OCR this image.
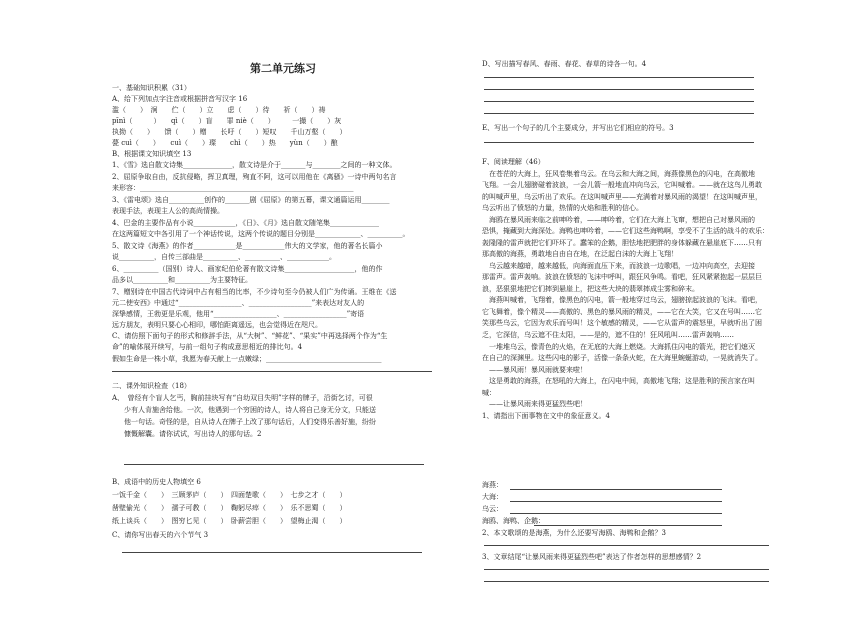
第二单元练习
一、基础知识积累（31）
A、给下列加点字注音或根据拼音写汉字 16
滥（　　）　涧　　伫（　　）立　　虑（　　）待　　祈（　　）祷
pīnì（　　　）　　qì（　　）盲　　罪 niè（　　）　　　一撮（　　）灰
执拗（　　）　　馈（　　）赠　　长吁（　　）短叹　　千山万壑（　　）
甍 cuì（　　）　　cuì（　　）璨　　chì（　　）热　　yùn（　　）酿
B、根据课文知识填空 13
1、《雪》选自散文诗集______________，散文诗是介于_______与________之间的一种文体。
2、屈原争取自由，反抗侵略，挥卫真理，殉直不阿，这可以用他在《离骚》一诗中两句名言
来形容：_____________________________________________________________
3、《雷电颂》选自__________创作的_______剧《屈原》的第五幕，课文通篇运用________
表现手法，表现主人公的高尚情操。
4、巴金的主要作品有小说____________，《日》、《月》选自散文随笔集______________
在这两篇短文中各引用了一个神话传说，这两个传说的题目分别是_____________、__________。
5、散文诗《海燕》的作者____________是____________伟大的文学家，他的著名长篇小
说__________，自传三部曲是__________、__________、____________。
6、__________（国别）诗人、画家纪伯伦著有散文诗集____________________，他的作
品多以__________和__________为主要特征。
7、赠别诗在中国古代诗词中占有相当的比率，不少诗句至今仍被人们广为传诵。王维在《送
元二使安西》中通过“__________________、__________________”来表达对友人的
深挚感情，王勃更是乐观，他用“__________________、__________________”寄语
远方朋友，表明只要心心相印，哪怕距离遥远，也会觉得近在咫尺。
C、请仿照下面句子的形式和修辞手法，从“大树”、“鲜花”、“果实”中再选择两个作为“生
命”的喻体展开续写，与前一组句子构成意思相近的排比句。4
假如生命是一株小草，我愿为春天献上一点嫩绿；_________________________________
二、课外知识检查（18）
A、　曾经有个盲人乞丐，胸前挂块写有“自幼双目失明”字样的牌子，沿街乞讨，可很
少有人肯施舍给他。一次，他遇到一个穷困的诗人，诗人将自己身无分文，只能送
他一句话。奇怪的是，自从诗人在牌子上改了那句话后，人们变得乐善好施，纷纷
慷慨解囊。请你试试，写出诗人的那句话。2
B、成语中的历史人物填空 6
一饭千金（　　）　三顾茅庐（　　）　四面楚歌（　　）　七步之才（　　）
凿壁偷光（　　）　孺子可教（　　）　鞠躬尽瘁（　　）　乐不思蜀（　　）
纸上谈兵（　　）　图穷匕见（　　）　卧薪尝胆（　　）　望梅止渴（　　）
C、请你写出春天的六个节气 3
D、写出描写春风、春雨、春花、春草的诗各一句。4
E、写出一个句子的几个主要成分，并写出它们相应的符号。3
F、阅读理解（46）
　在苍茫的大海上，狂风卷集着乌云。在乌云和大海之间，海燕像黑色的闪电，在高傲地
飞翔。一会儿翅膀碰着波浪，一会儿箭一般地直冲向乌云，它叫喊着。——就在这鸟儿勇敢
的叫喊声里，乌云听出了欢乐。在这叫喊声里——充满着对暴风雨的渴望！在这叫喊声里，
乌云听出了愤怒的力量，热情的火焰和胜利的信心。
　海鸥在暴风雨来临之前呻吟着，——呻吟着，它们在大海上飞窜，想把自己对暴风雨的
恐惧，掩藏到大海深处。海鸭也呻吟着，——它们这些海鸭啊，享受不了生活的战斗的欢乐：
轰隆隆的雷声就把它们吓坏了。蠢笨的企鹅，胆怯地把肥胖的身体躲藏在悬崖底下……只有
那高傲的海燕，勇敢地自由自在地，在泛起白沫的大海上飞翔！
　乌云越来越暗，越来越低，向海面直压下来，而波浪一边歌唱，一边冲向高空，去迎接
那雷声。雷声轰响。波浪在愤怒的飞沫中呼叫，跟狂风争鸣。看吧，狂风紧紧抱起一层层巨
浪，恶狠狠地把它们摔到悬崖上，把这些大块的翡翠摔成尘雾和碎末。
　海燕叫喊着，飞翔着，像黑色的闪电，箭一般地穿过乌云，翅膀掠起波浪的飞沫。看吧，
它飞舞着，像个精灵——高傲的、黑色的暴风雨的精灵，——它在大笑，它又在号叫……它
笑那些乌云，它因为欢乐而号叫！这个敏感的精灵，——它从雷声的震怒里，早就听出了困
乏，它深信，乌云遮不住太阳，——是的，遮不住的！狂风吼叫……雷声轰响……
　一堆堆乌云，像青色的火焰，在无底的大海上燃烧。大海抓住闪电的箭光，把它们熄灭
在自己的深渊里。这些闪电的影子，活像一条条火蛇，在大海里蜿蜒游动，一晃就消失了。
　——暴风雨！暴风雨就要来啦！
　这是勇敢的海燕，在怒吼的大海上，在闪电中间，高傲地飞翔；这是胜利的预言家在叫
喊：
　——让暴风雨来得更猛烈些吧！
1、请指出下面事物在文中的象征意义。4
海燕：
大海：
乌云：
海鸥、海鸭、企鹅：
2、本文歌颂的是海燕，为什么还要写海鸥、海鸭和企鹅？3
3、文章结尾“让暴风雨来得更猛烈些吧”表达了作者怎样的思想感情？2
